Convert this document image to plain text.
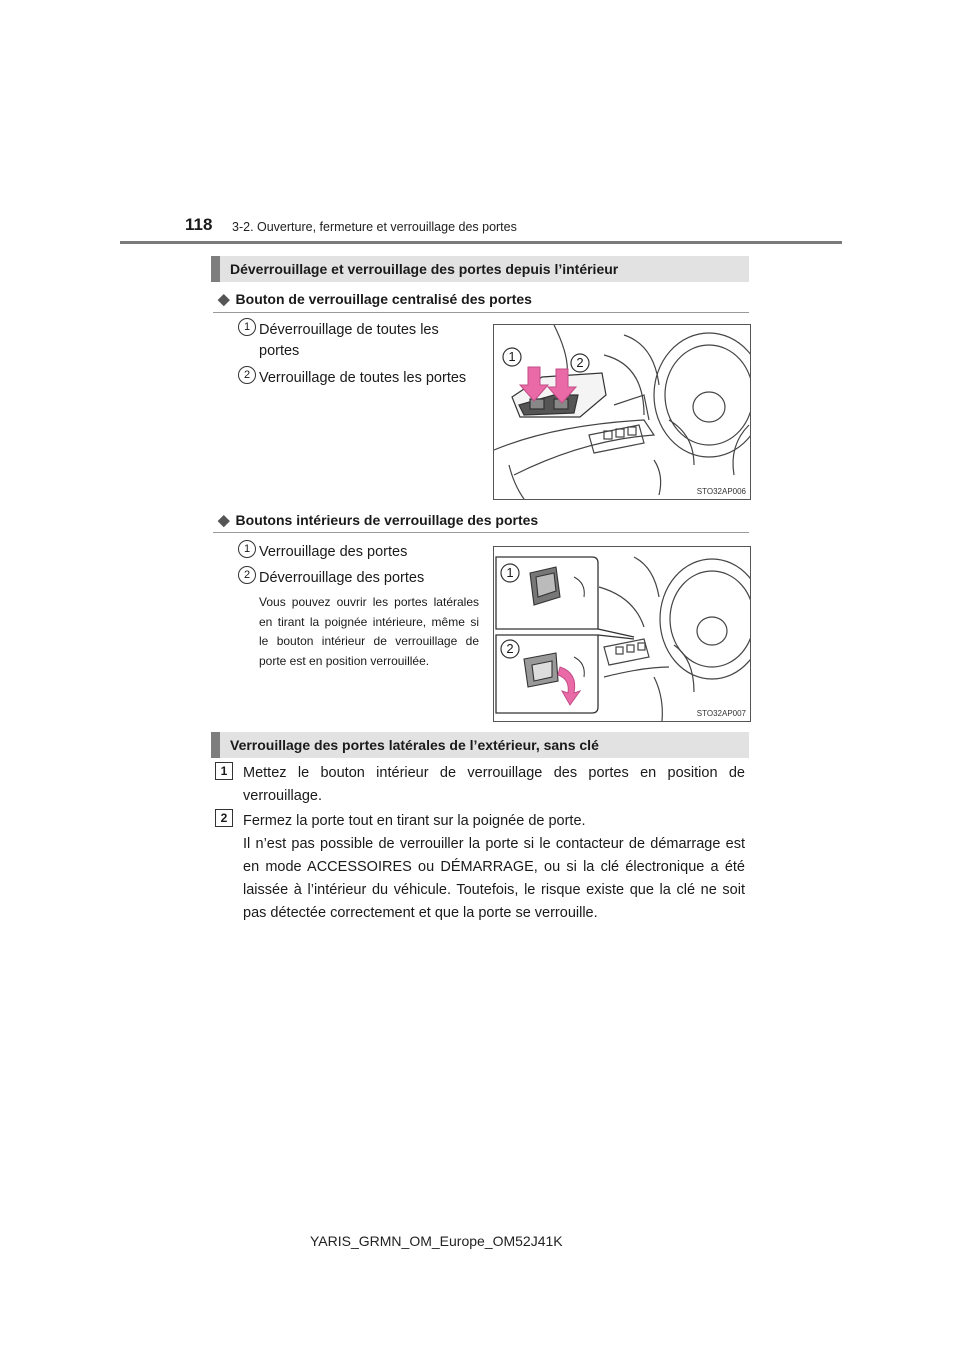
118 3-2. Ouverture, fermeture et verrouillage des portes
Déverrouillage et verrouillage des portes depuis l’intérieur
◆ Bouton de verrouillage centralisé des portes
1 Déverrouillage de toutes les
portes
2 Verrouillage de toutes les portes
1	2
STO32AP006
◆ Boutons intérieurs de verrouillage des portes
1 Verrouillage des portes
2 Déverrouillage des portes
Vous pouvez ouvrir les portes latérales en tirant la poignée intérieure, même si le bouton intérieur de verrouillage de porte est en position verrouillée.
1
2
STO32AP007
Verrouillage des portes latérales de l’extérieur, sans clé
1	Mettez le bouton intérieur de verrouillage des portes en position de verrouillage.
2	Fermez la porte tout en tirant sur la poignée de porte.
Il n’est pas possible de verrouiller la porte si le contacteur de démarrage est en mode ACCESSOIRES ou DÉMARRAGE, ou si la clé électronique a été laissée à l’intérieur du véhicule. Toutefois, le risque existe que la clé ne soit pas détectée correctement et que la porte se verrouille.
YARIS_GRMN_OM_Europe_OM52J41K
